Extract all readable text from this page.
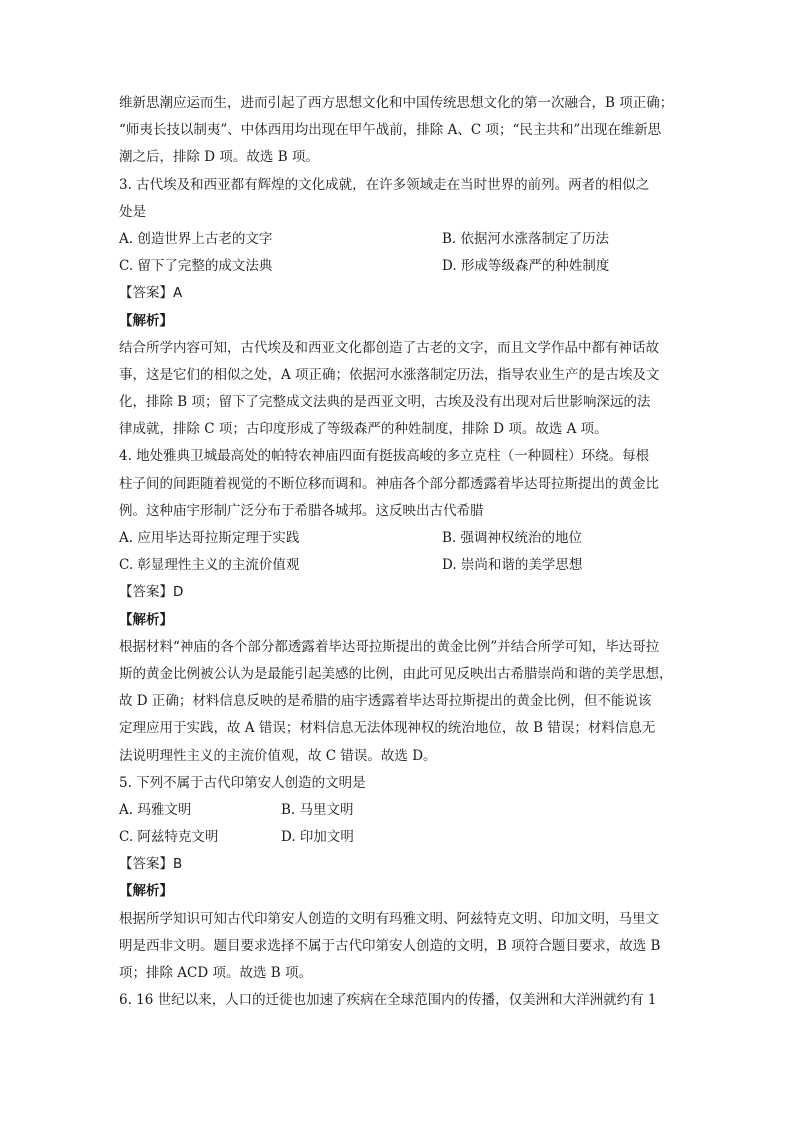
维新思潮应运而生，进而引起了西方思想文化和中国传统思想文化的第一次融合，B 项正确；
“师夷长技以制夷”、中体西用均出现在甲午战前，排除 A、C 项；“民主共和”出现在维新思
潮之后，排除 D 项。故选 B 项。
3. 古代埃及和西亚都有辉煌的文化成就，在许多领域走在当时世界的前列。两者的相似之
处是
A. 创造世界上古老的文字	B. 依据河水涨落制定了历法
C. 留下了完整的成文法典	D. 形成等级森严的种姓制度
【答案】A
【解析】
结合所学内容可知，古代埃及和西亚文化都创造了古老的文字，而且文学作品中都有神话故
事，这是它们的相似之处，A 项正确；依据河水涨落制定历法，指导农业生产的是古埃及文
化，排除 B 项；留下了完整成文法典的是西亚文明，古埃及没有出现对后世影响深远的法
律成就，排除 C 项；古印度形成了等级森严的种姓制度，排除 D 项。故选 A 项。
4. 地处雅典卫城最高处的帕特农神庙四面有挺拔高峻的多立克柱（一种圆柱）环绕。每根
柱子间的间距随着视觉的不断位移而调和。神庙各个部分都透露着毕达哥拉斯提出的黄金比
例。这种庙宇形制广泛分布于希腊各城邦。这反映出古代希腊
A. 应用毕达哥拉斯定理于实践	B. 强调神权统治的地位
C. 彰显理性主义的主流价值观	D. 崇尚和谐的美学思想
【答案】D
【解析】
根据材料“神庙的各个部分都透露着毕达哥拉斯提出的黄金比例”并结合所学可知，毕达哥拉
斯的黄金比例被公认为是最能引起美感的比例，由此可见反映出古希腊崇尚和谐的美学思想，
故 D 正确；材料信息反映的是希腊的庙宇透露着毕达哥拉斯提出的黄金比例，但不能说该
定理应用于实践，故 A 错误；材料信息无法体现神权的统治地位，故 B 错误；材料信息无
法说明理性主义的主流价值观，故 C 错误。故选 D。
5. 下列不属于古代印第安人创造的文明是
A. 玛雅文明	B. 马里文明
C. 阿兹特克文明	D. 印加文明
【答案】B
【解析】
根据所学知识可知古代印第安人创造的文明有玛雅文明、阿兹特克文明、印加文明，马里文
明是西非文明。题目要求选择不属于古代印第安人创造的文明，B 项符合题目要求，故选 B
项；排除 ACD 项。故选 B 项。
6. 16 世纪以来，人口的迁徙也加速了疾病在全球范围内的传播，仅美洲和大洋洲就约有 1
